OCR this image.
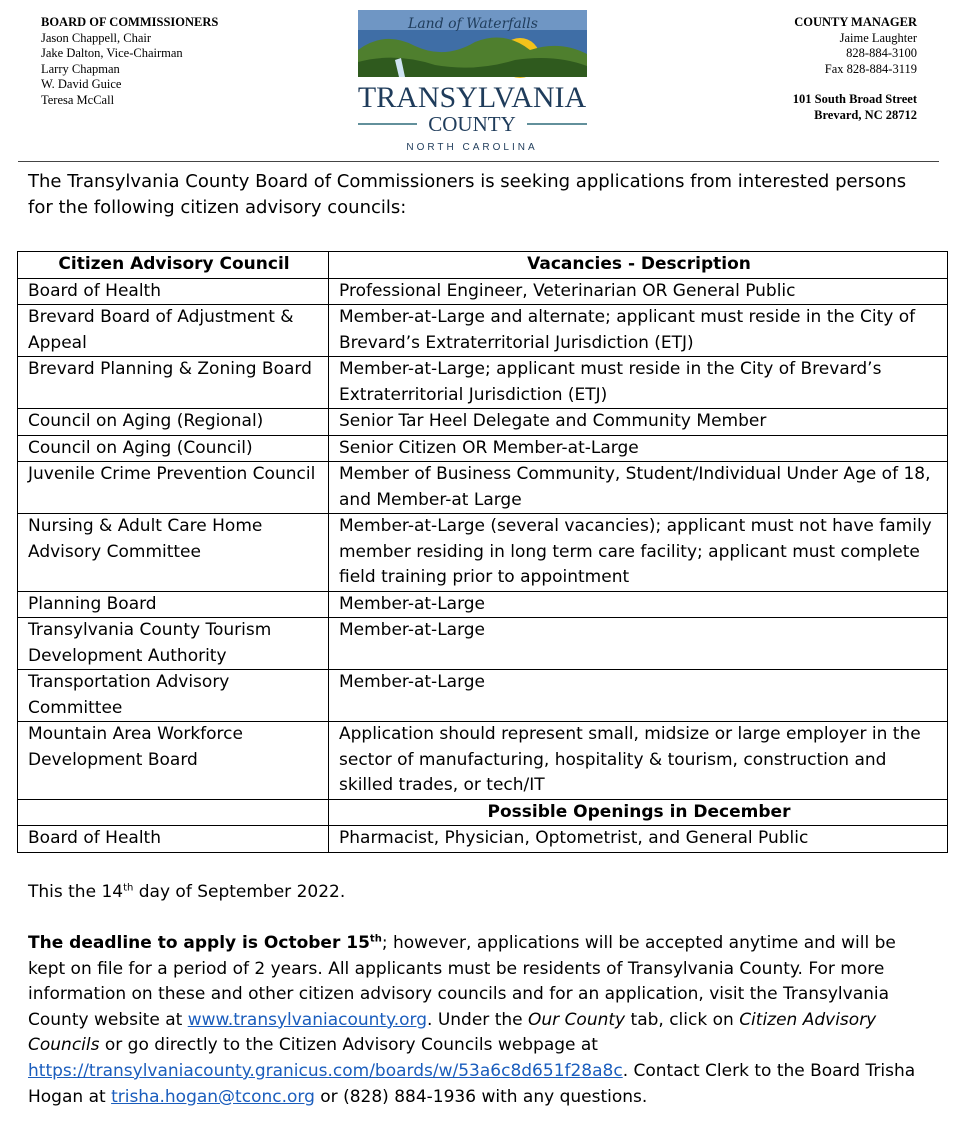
BOARD OF COMMISSIONERS
Jason Chappell, Chair
Jake Dalton, Vice-Chairman
Larry Chapman
W. David Guice
Teresa McCall
Land of Waterfalls
TRANSYLVANIA
COUNTY
NORTH CAROLINA
COUNTY MANAGER
Jaime Laughter
828-884-3100
Fax 828-884-3119
101 South Broad Street
Brevard, NC 28712
The Transylvania County Board of Commissioners is seeking applications from interested persons for the following citizen advisory councils:
Citizen Advisory Council	Vacancies - Description
Board of Health	Professional Engineer, Veterinarian OR General Public
Brevard Board of Adjustment & Appeal	Member-at-Large and alternate; applicant must reside in the City of Brevard’s Extraterritorial Jurisdiction (ETJ)
Brevard Planning & Zoning Board	Member-at-Large; applicant must reside in the City of Brevard’s Extraterritorial Jurisdiction (ETJ)
Council on Aging (Regional)	Senior Tar Heel Delegate and Community Member
Council on Aging (Council)	Senior Citizen OR Member-at-Large
Juvenile Crime Prevention Council	Member of Business Community, Student/Individual Under Age of 18, and Member-at Large
Nursing & Adult Care Home Advisory Committee	Member-at-Large (several vacancies); applicant must not have family member residing in long term care facility; applicant must complete field training prior to appointment
Planning Board	Member-at-Large
Transylvania County Tourism Development Authority	Member-at-Large
Transportation Advisory Committee	Member-at-Large
Mountain Area Workforce Development Board	Application should represent small, midsize or large employer in the sector of manufacturing, hospitality & tourism, construction and skilled trades, or tech/IT
	Possible Openings in December
Board of Health	Pharmacist, Physician, Optometrist, and General Public
This the 14th day of September 2022.
The deadline to apply is October 15th; however, applications will be accepted anytime and will be kept on file for a period of 2 years. All applicants must be residents of Transylvania County. For more information on these and other citizen advisory councils and for an application, visit the Transylvania County website at www.transylvaniacounty.org. Under the Our County tab, click on Citizen Advisory Councils or go directly to the Citizen Advisory Councils webpage at https://transylvaniacounty.granicus.com/boards/w/53a6c8d651f28a8c. Contact Clerk to the Board Trisha Hogan at trisha.hogan@tconc.org or (828) 884-1936 with any questions.
